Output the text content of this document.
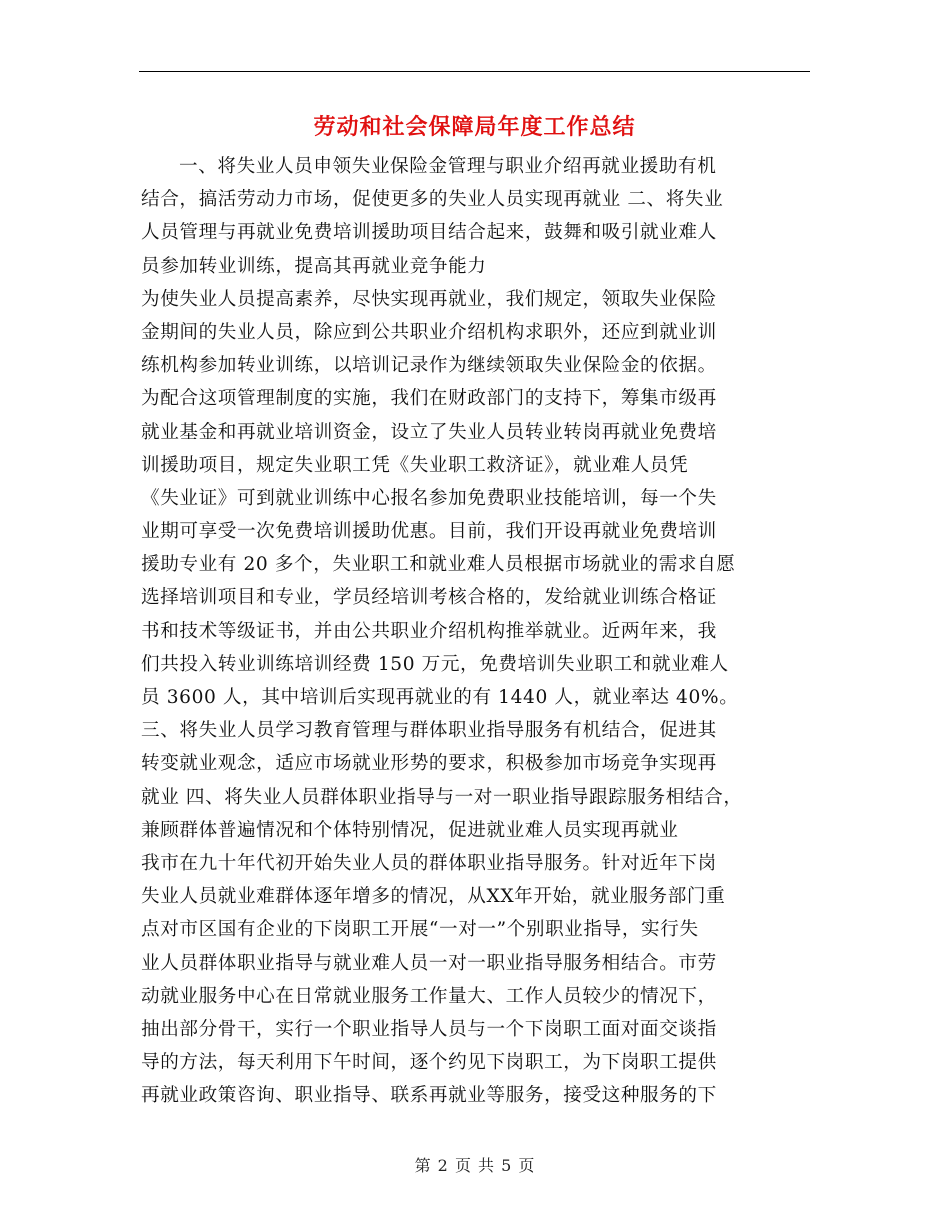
劳动和社会保障局年度工作总结
一、将失业人员申领失业保险金管理与职业介绍再就业援助有机
结合，搞活劳动力市场，促使更多的失业人员实现再就业 二、将失业
人员管理与再就业免费培训援助项目结合起来，鼓舞和吸引就业难人
员参加转业训练，提高其再就业竞争能力
为使失业人员提高素养，尽快实现再就业，我们规定，领取失业保险
金期间的失业人员，除应到公共职业介绍机构求职外，还应到就业训
练机构参加转业训练，以培训记录作为继续领取失业保险金的依据。
为配合这项管理制度的实施，我们在财政部门的支持下，筹集市级再
就业基金和再就业培训资金，设立了失业人员转业转岗再就业免费培
训援助项目，规定失业职工凭《失业职工救济证》，就业难人员凭
《失业证》可到就业训练中心报名参加免费职业技能培训，每一个失
业期可享受一次免费培训援助优惠。目前，我们开设再就业免费培训
援助专业有 20 多个，失业职工和就业难人员根据市场就业的需求自愿
选择培训项目和专业，学员经培训考核合格的，发给就业训练合格证
书和技术等级证书，并由公共职业介绍机构推举就业。近两年来，我
们共投入转业训练培训经费 150 万元，免费培训失业职工和就业难人
员 3600 人，其中培训后实现再就业的有 1440 人，就业率达 40%。
三、将失业人员学习教育管理与群体职业指导服务有机结合，促进其
转变就业观念，适应市场就业形势的要求，积极参加市场竞争实现再
就业 四、将失业人员群体职业指导与一对一职业指导跟踪服务相结合，
兼顾群体普遍情况和个体特别情况，促进就业难人员实现再就业
我市在九十年代初开始失业人员的群体职业指导服务。针对近年下岗
失业人员就业难群体逐年增多的情况，从XX年开始，就业服务部门重
点对市区国有企业的下岗职工开展“一对一”个别职业指导，实行失
业人员群体职业指导与就业难人员一对一职业指导服务相结合。市劳
动就业服务中心在日常就业服务工作量大、工作人员较少的情况下，
抽出部分骨干，实行一个职业指导人员与一个下岗职工面对面交谈指
导的方法，每天利用下午时间，逐个约见下岗职工，为下岗职工提供
再就业政策咨询、职业指导、联系再就业等服务，接受这种服务的下
第 2 页 共 5 页
